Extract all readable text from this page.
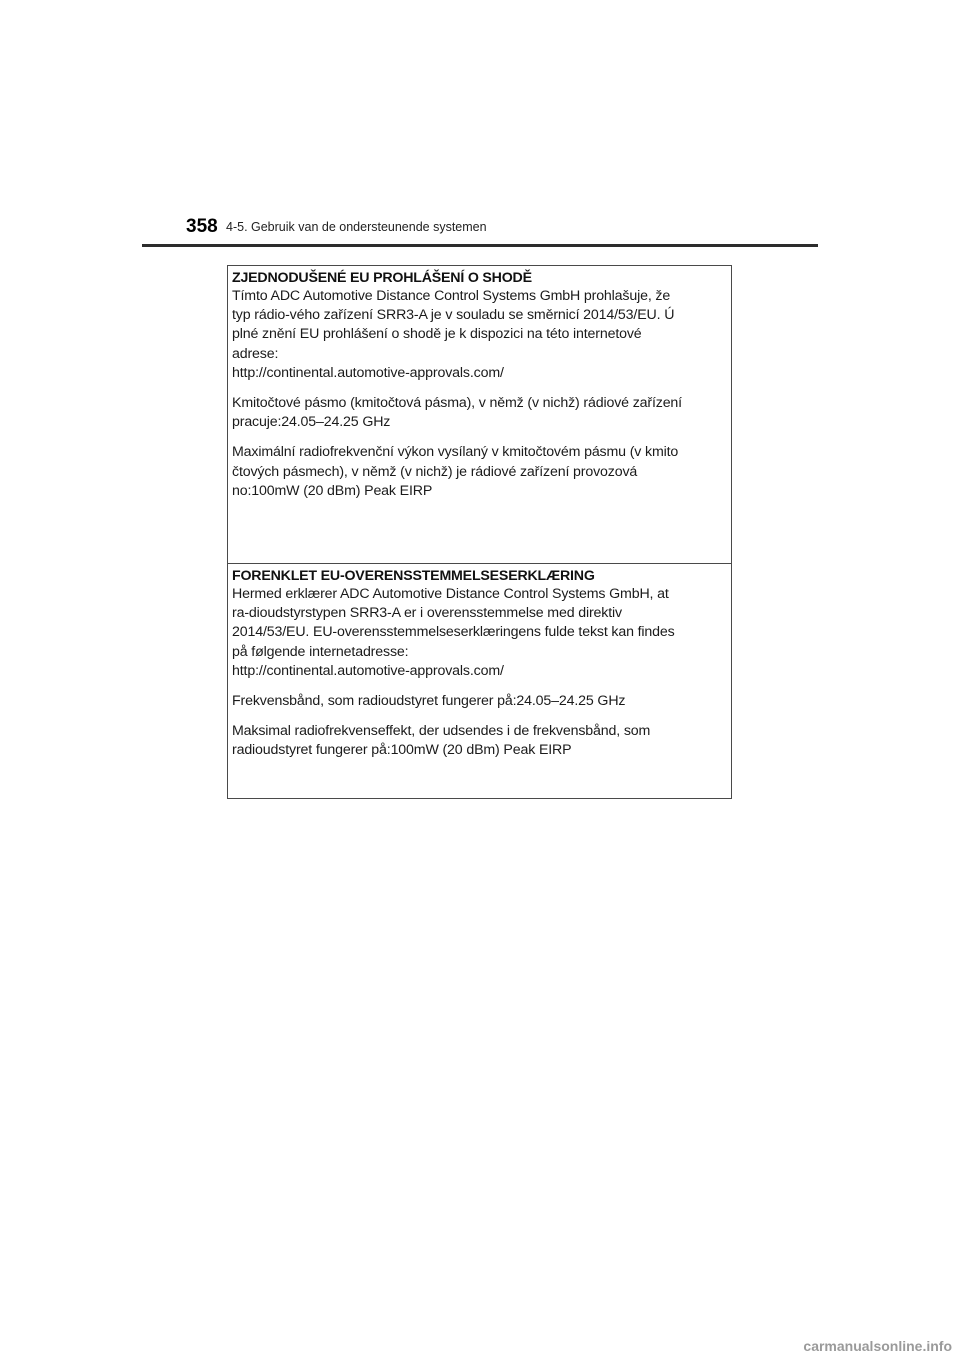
358 4-5. Gebruik van de ondersteunende systemen
ZJEDNODUŠENÉ EU PROHLÁŠENÍ O SHODĚ
Tímto ADC Automotive Distance Control Systems GmbH prohlašuje, že
typ rádio-vého zařízení SRR3-A je v souladu se směrnicí 2014/53/EU. Ú
plné znění EU prohlášení o shodě je k dispozici na této internetové
adrese:
http://continental.automotive-approvals.com/
Kmitočtové pásmo (kmitočtová pásma), v němž (v nichž) rádiové zařízení
pracuje:24.05–24.25 GHz
Maximální radiofrekvenční výkon vysílaný v kmitočtovém pásmu (v kmito
čtových pásmech), v němž (v nichž) je rádiové zařízení provozová
no:100mW (20 dBm) Peak EIRP
FORENKLET EU-OVERENSSTEMMELSESERKLÆRING
Hermed erklærer ADC Automotive Distance Control Systems GmbH, at
ra-dioudstyrstypen SRR3-A er i overensstemmelse med direktiv
2014/53/EU. EU-overensstemmelseserklæringens fulde tekst kan findes
på følgende internetadresse:
http://continental.automotive-approvals.com/
Frekvensbånd, som radioudstyret fungerer på:24.05–24.25 GHz
Maksimal radiofrekvenseffekt, der udsendes i de frekvensbånd, som
radioudstyret fungerer på:100mW (20 dBm) Peak EIRP
carmanualsonline.info
